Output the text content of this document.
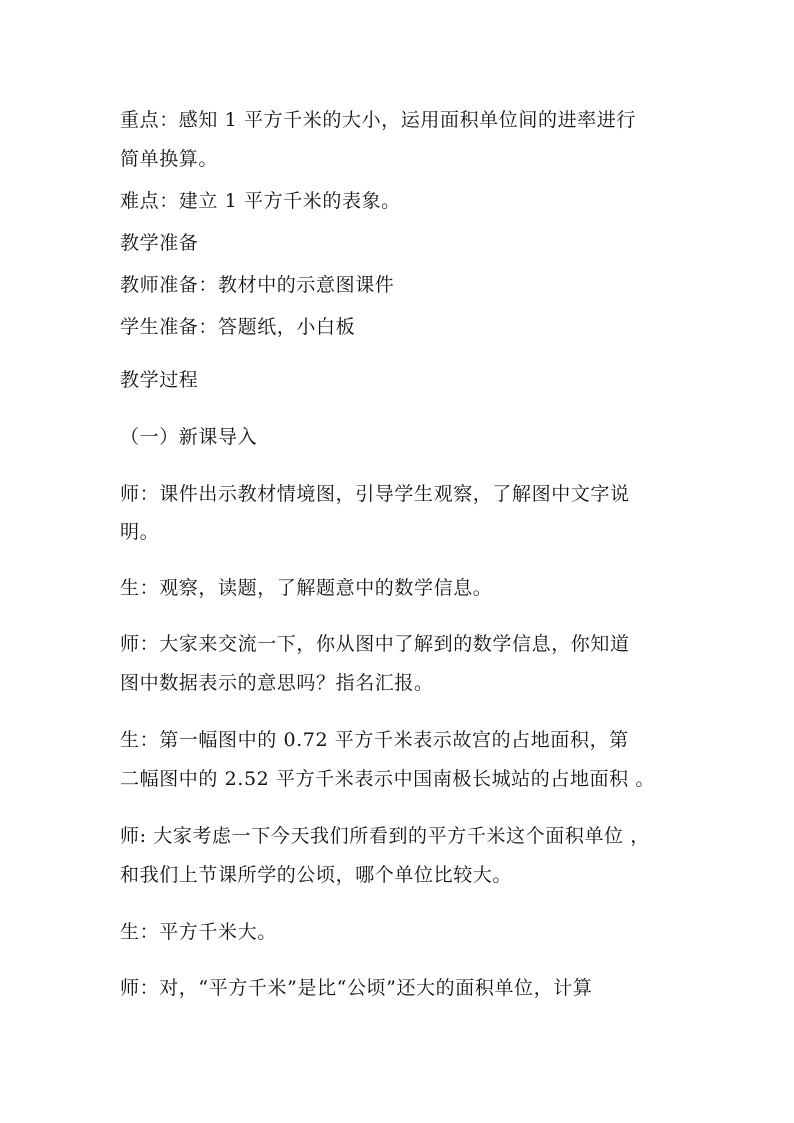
重点：感知 1 平方千米的大小，运用面积单位间的进率进行
简单换算。
难点：建立 1 平方千米的表象。
教学准备
教师准备：教材中的示意图课件
学生准备：答题纸，小白板
教学过程
（一）新课导入
师：课件出示教材情境图，引导学生观察，了解图中文字说
明。
生：观察，读题，了解题意中的数学信息。
师：大家来交流一下，你从图中了解到的数学信息，你知道
图中数据表示的意思吗？指名汇报。
生：第一幅图中的 0.72 平方千米表示故宫的占地面积，第
二幅图中的 2.52 平方千米表示中国南极长城站的占地面积 。
师: 大家考虑一下今天我们所看到的平方千米这个面积单位 ，
和我们上节课所学的公顷，哪个单位比较大。
生：平方千米大。
师：对，“平方千米”是比“公顷”还大的面积单位，计算
